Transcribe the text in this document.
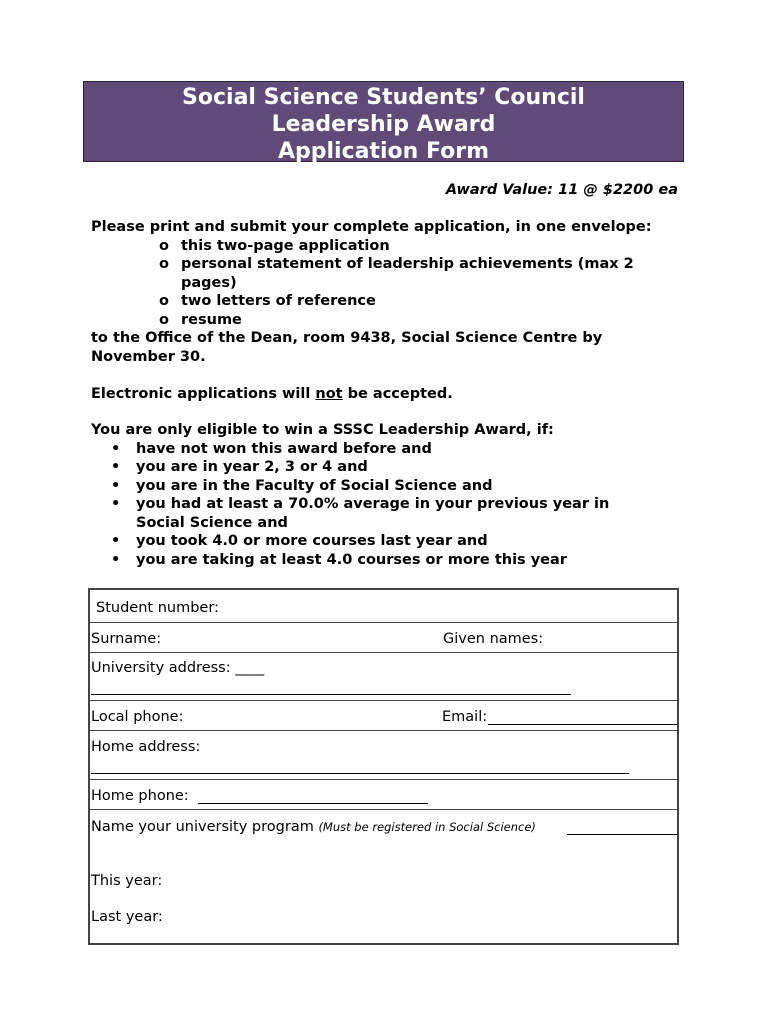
Social Science Students’ Council
Leadership Award
Application Form
Award Value: 11 @ $2200 ea
Please print and submit your complete application, in one envelope:
o this two-page application
o personal statement of leadership achievements (max 2 pages)
o two letters of reference
o resume
to the Office of the Dean, room 9438, Social Science Centre by November 30.
Electronic applications will not be accepted.
You are only eligible to win a SSSC Leadership Award, if:
• have not won this award before and
• you are in year 2, 3 or 4 and
• you are in the Faculty of Social Science and
• you had at least a 70.0% average in your previous year in Social Science and
• you took 4.0 or more courses last year and
• you are taking at least 4.0 courses or more this year
Student number:
Surname:	Given names:
University address: ____
Local phone:	Email:
Home address:
Home phone:
Name your university program (Must be registered in Social Science)
This year:
Last year:
